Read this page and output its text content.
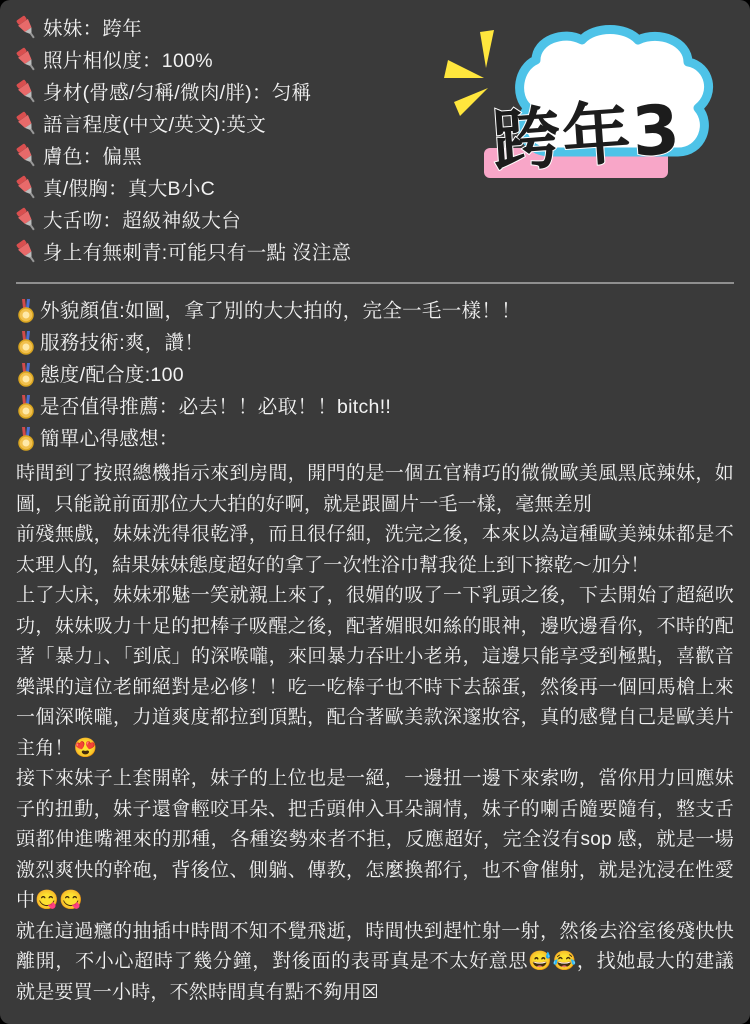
跨年3
妹妹：跨年
照片相似度：100%
身材(骨感/匀稱/微肉/胖)：匀稱
語言程度(中文/英文):英文
膚色：偏黑
真/假胸：真大B小C
大舌吻：超級神級大台
身上有無刺青:可能只有一點 沒注意
外貌顏值:如圖，拿了別的大大拍的，完全一毛一樣！！
服務技術:爽，讚！
態度/配合度:100
是否值得推薦：必去！！必取！！bitch!!
簡單心得感想：

時間到了按照總機指示來到房間，開門的是一個五官精巧的微微歐美風黑底辣妹，如圖，只能說前面那位大大拍的好啊，就是跟圖片一毛一樣，毫無差別

前殘無戲，妹妹洗得很乾淨，而且很仔細，洗完之後，本來以為這種歐美辣妹都是不太理人的，結果妹妹態度超好的拿了一次性浴巾幫我從上到下擦乾～加分！

上了大床，妹妹邪魅一笑就親上來了，很媚的吸了一下乳頭之後，下去開始了超絕吹功，妹妹吸力十足的把棒子吸醒之後，配著媚眼如絲的眼神，邊吹邊看你，不時的配著「暴力」、「到底」的深喉嚨，來回暴力吞吐小老弟，這邊只能享受到極點，喜歡音樂課的這位老師絕對是必修！！吃一吃棒子也不時下去舔蛋，然後再一個回馬槍上來一個深喉嚨，力道爽度都拉到頂點，配合著歐美款深邃妝容，真的感覺自己是歐美片主角！😍

接下來妹子上套開幹，妹子的上位也是一絕，一邊扭一邊下來索吻，當你用力回應妹子的扭動，妹子還會輕咬耳朵、把舌頭伸入耳朵調情，妹子的喇舌隨要隨有，整支舌頭都伸進嘴裡來的那種，各種姿勢來者不拒，反應超好，完全沒有sop 感，就是一場激烈爽快的幹砲，背後位、側躺、傳教，怎麼換都行，也不會催射，就是沈浸在性愛中😋😋

就在這過癮的抽插中時間不知不覺飛逝，時間快到趕忙射一射，然後去浴室後殘快快離開，不小心超時了幾分鐘，對後面的表哥真是不太好意思😅😂，找她最大的建議就是要買一小時，不然時間真有點不夠用☒
